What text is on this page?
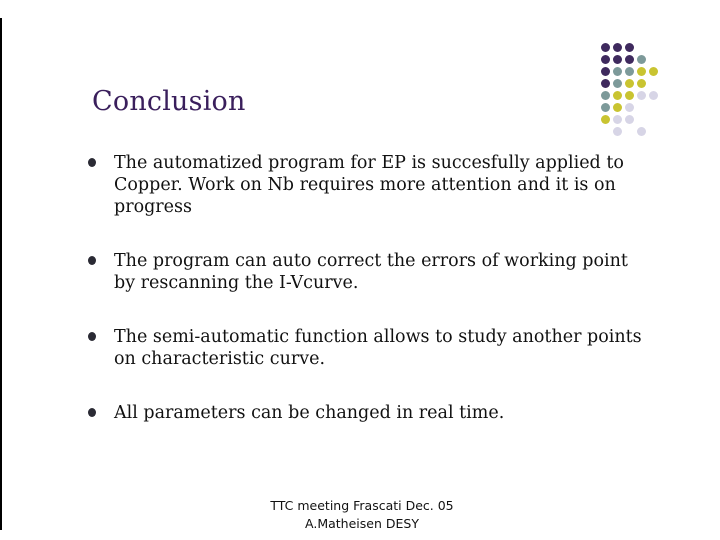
Conclusion
The automatized program for EP is succesfully applied to Copper. Work on Nb requires more attention and it is on progress
The program can auto correct the errors of working point by rescanning the I-Vcurve.
The semi-automatic function allows to study another points on characteristic curve.
All parameters can be changed in real time.
TTC meeting Frascati Dec. 05
A.Matheisen DESY
